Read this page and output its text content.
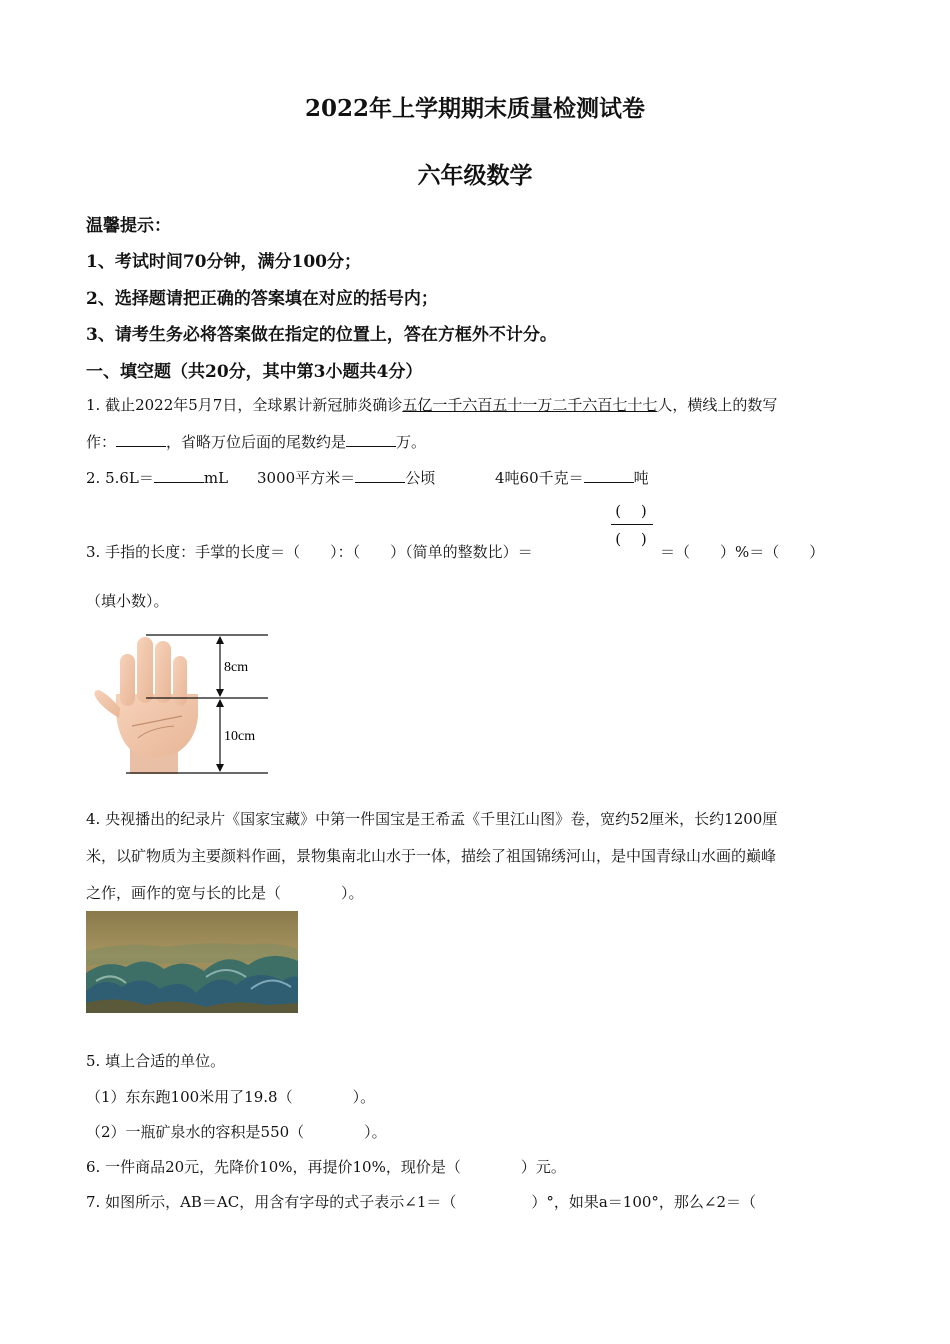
2022年上学期期末质量检测试卷
六年级数学
温馨提示：
1、考试时间70分钟，满分100分；
2、选择题请把正确的答案填在对应的括号内；
3、请考生务必将答案做在指定的位置上，答在方框外不计分。
一、填空题（共20分，其中第3小题共4分）
1. 截止2022年5月7日，全球累计新冠肺炎确诊五亿一千六百五十一万二千六百七十七人，横线上的数写
作：	，省略万位后面的尾数约是	万。
2. 5.6L＝	mL 3000平方米＝	公顷	4吨60千克＝	吨
3. 手指的长度：手掌的长度＝（　　）：（　　）（简单的整数比）＝
(　 )
(　 )
＝（　　）%＝（　　）
（填小数）。
8cm
10cm
4. 央视播出的纪录片《国家宝藏》中第一件国宝是王希孟《千里江山图》卷，宽约52厘米，长约1200厘
米，以矿物质为主要颜料作画，景物集南北山水于一体，描绘了祖国锦绣河山，是中国青绿山水画的巅峰
之作，画作的宽与长的比是（　　　　）。
5. 填上合适的单位。
（1）东东跑100米用了19.8（　　　　）。
（2）一瓶矿泉水的容积是550（　　　　）。
6. 一件商品20元，先降价10%，再提价10%，现价是（　　　　）元。
7. 如图所示，AB＝AC，用含有字母的式子表示∠1＝（　　　　　）°，如果a＝100°，那么∠2＝（
